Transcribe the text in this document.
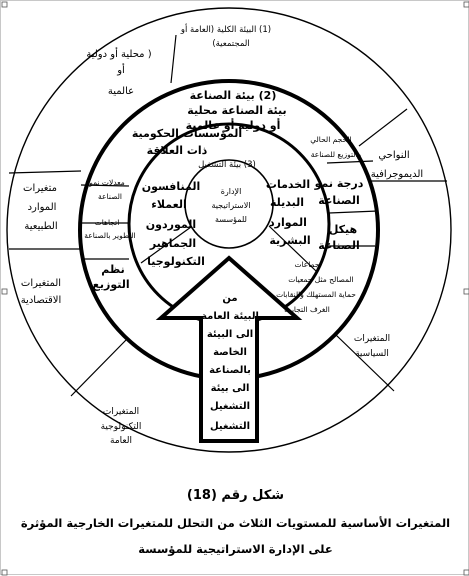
(1) البيئة الكلية (العامة أو
المجتمعية)
( محلية أو دولية
أو
عالمية
متغيرات
الموارد
الطبيعية
المتغيرات
الاقتصادية
النواحي
الديموجرافية
المتغيرات
التكنولوجية
العامة
المتغيرات
السياسية
(2) بيئة الصناعة
بيئة الصناعة محلية
أو دولية أو عالمية
المؤسسات الحكومية
ذات العلاقة
نظم
التوزيع
درجة نمو
الصناعة
هيكل
الصناعة
معدلات نمو
الصناعة
اتجاهات
التطوير بالصناعة
الحجم الحالي
والتوزيع للصناعة
جماعات
المصالح مثل جمعيات
حماية المستهلك والنقابات
الغرف التجارية
(3) بيئة التشغيل
المنافسون
العملاء
الموردون
الجماهير
التكنولوجيا
الخدمات
البديلة
الموارد
البشرية
الإدارة
الاستراتيجية
للمؤسسة
من
البيئة العامة
الى البيئة
الخاصة
بالصناعة
الى بيئة
التشغيل
التشغيل
شكل رقم (18)
المتغيرات الأساسية للمستويات الثلاث من التحلل للمتغيرات الخارجية المؤثرة
على الإدارة الاستراتيجية للمؤسسة
